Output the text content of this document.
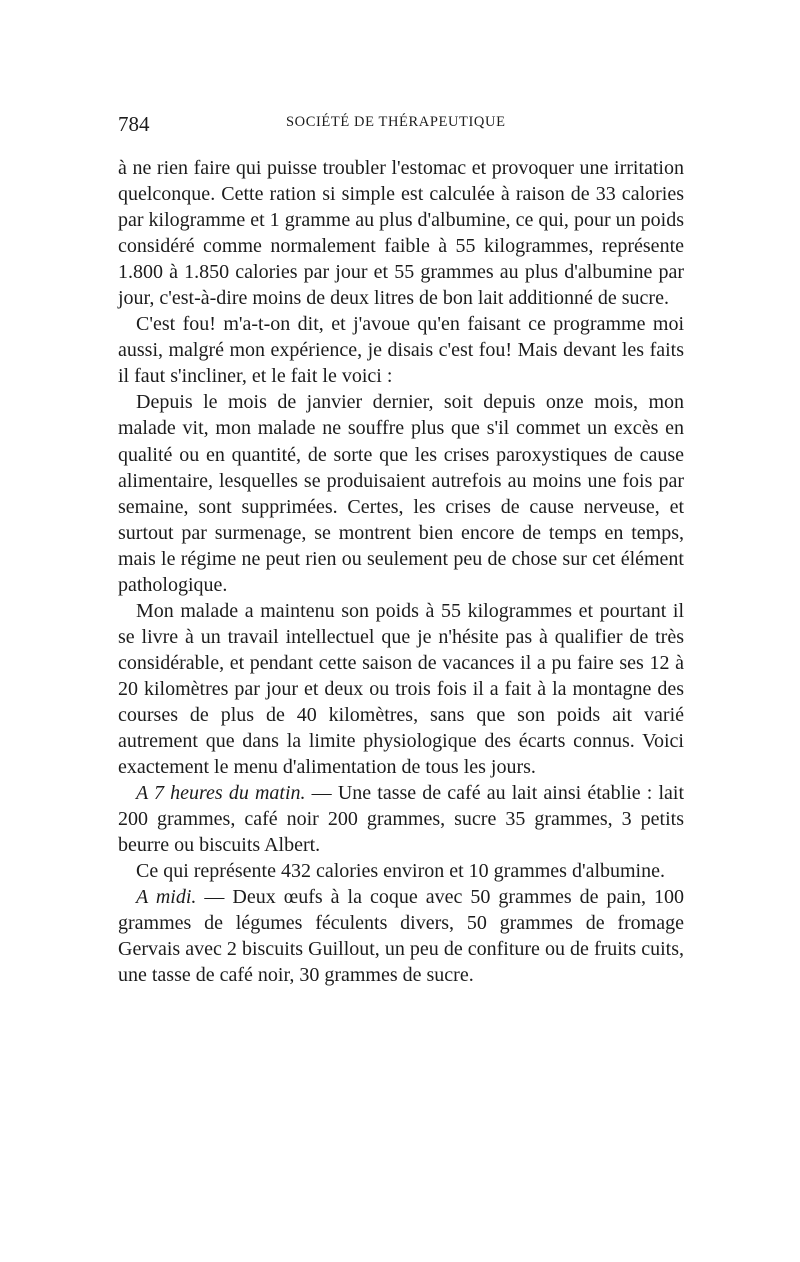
784	SOCIÉTÉ DE THÉRAPEUTIQUE

à ne rien faire qui puisse troubler l'estomac et provoquer une irritation quelconque. Cette ration si simple est calculée à raison de 33 calories par kilogramme et 1 gramme au plus d'albumine, ce qui, pour un poids considéré comme normalement faible à 55 kilogrammes, représente 1.800 à 1.850 calories par jour et 55 grammes au plus d'albumine par jour, c'est-à-dire moins de deux litres de bon lait additionné de sucre.

C'est fou! m'a-t-on dit, et j'avoue qu'en faisant ce programme moi aussi, malgré mon expérience, je disais c'est fou! Mais devant les faits il faut s'incliner, et le fait le voici :

Depuis le mois de janvier dernier, soit depuis onze mois, mon malade vit, mon malade ne souffre plus que s'il commet un excès en qualité ou en quantité, de sorte que les crises paroxystiques de cause alimentaire, lesquelles se produisaient autrefois au moins une fois par semaine, sont supprimées. Certes, les crises de cause nerveuse, et surtout par surmenage, se montrent bien encore de temps en temps, mais le régime ne peut rien ou seulement peu de chose sur cet élément pathologique.

Mon malade a maintenu son poids à 55 kilogrammes et pourtant il se livre à un travail intellectuel que je n'hésite pas à qualifier de très considérable, et pendant cette saison de vacances il a pu faire ses 12 à 20 kilomètres par jour et deux ou trois fois il a fait à la montagne des courses de plus de 40 kilomètres, sans que son poids ait varié autrement que dans la limite physiologique des écarts connus. Voici exactement le menu d'alimentation de tous les jours.

A 7 heures du matin. — Une tasse de café au lait ainsi établie : lait 200 grammes, café noir 200 grammes, sucre 35 grammes, 3 petits beurre ou biscuits Albert.

Ce qui représente 432 calories environ et 10 grammes d'albumine.

A midi. — Deux œufs à la coque avec 50 grammes de pain, 100 grammes de légumes féculents divers, 50 grammes de fromage Gervais avec 2 biscuits Guillout, un peu de confiture ou de fruits cuits, une tasse de café noir, 30 grammes de sucre.
